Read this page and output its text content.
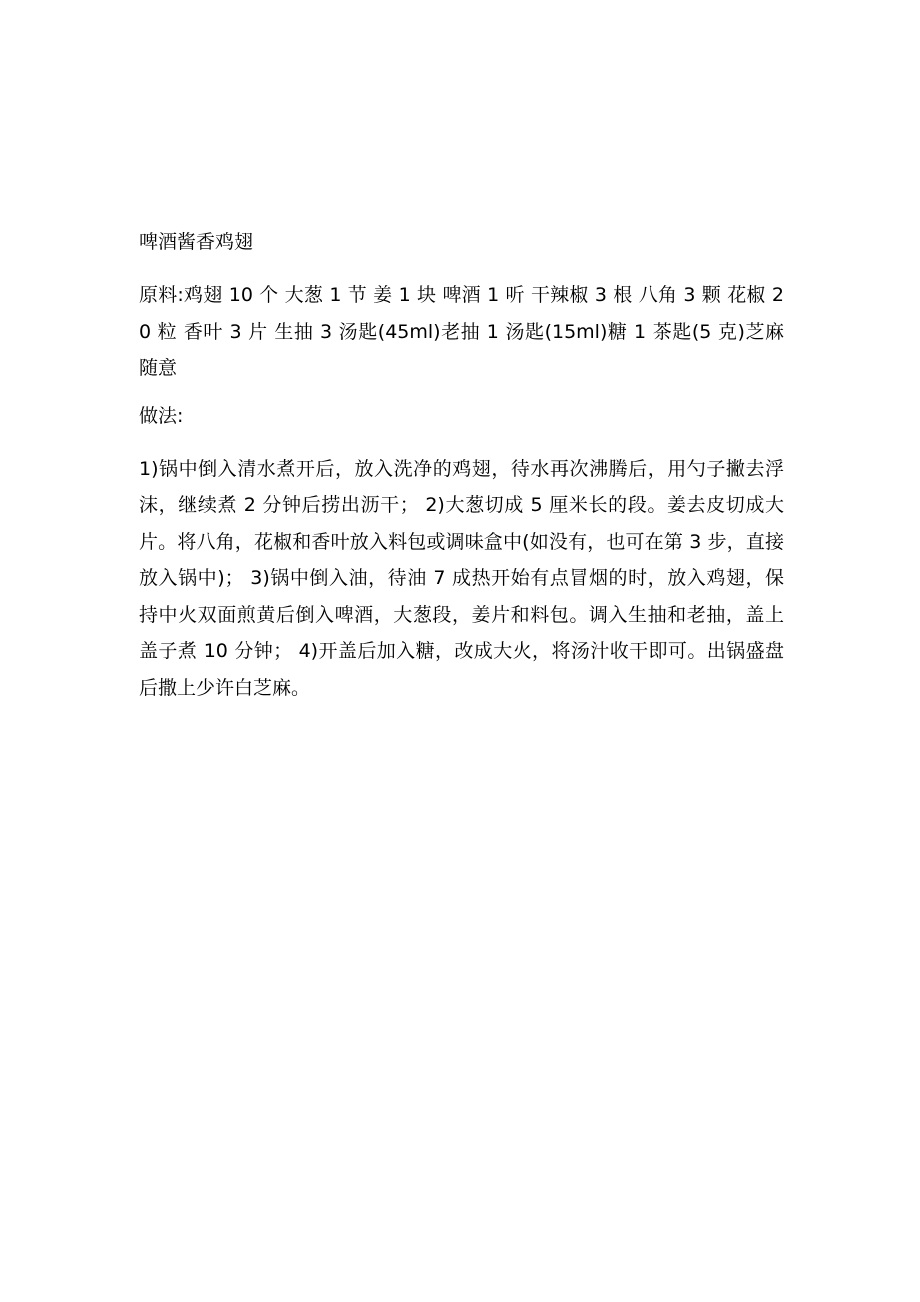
啤酒酱香鸡翅

原料:鸡翅 10 个 大葱 1 节 姜 1 块 啤酒 1 听 干辣椒 3 根 八角 3 颗 花椒 20 粒 香叶 3 片 生抽 3 汤匙(45ml)老抽 1 汤匙(15ml)糖 1 茶匙(5 克)芝麻随意

做法:

1)锅中倒入清水煮开后，放入洗净的鸡翅，待水再次沸腾后，用勺子撇去浮沫，继续煮 2 分钟后捞出沥干； 2)大葱切成 5 厘米长的段。姜去皮切成大片。将八角，花椒和香叶放入料包或调味盒中(如没有，也可在第 3 步，直接放入锅中)； 3)锅中倒入油，待油 7 成热开始有点冒烟的时，放入鸡翅，保持中火双面煎黄后倒入啤酒，大葱段，姜片和料包。调入生抽和老抽，盖上盖子煮 10 分钟； 4)开盖后加入糖，改成大火，将汤汁收干即可。出锅盛盘后撒上少许白芝麻。
